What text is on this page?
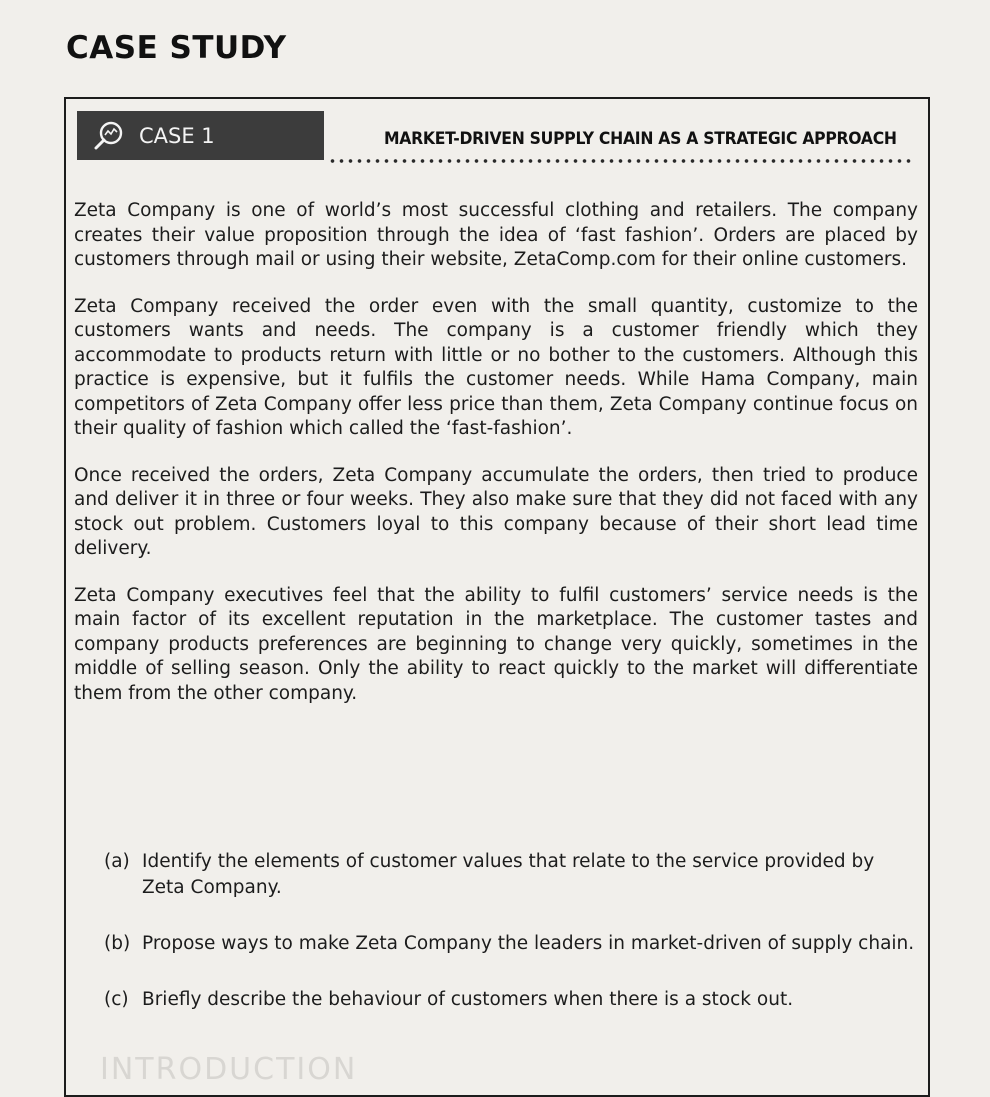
CASE STUDY
CASE 1	MARKET-DRIVEN SUPPLY CHAIN AS A STRATEGIC APPROACH

Zeta Company is one of world’s most successful clothing and retailers. The company creates their value proposition through the idea of ‘fast fashion’. Orders are placed by customers through mail or using their website, ZetaComp.com for their online customers.

Zeta Company received the order even with the small quantity, customize to the customers wants and needs. The company is a customer friendly which they accommodate to products return with little or no bother to the customers. Although this practice is expensive, but it fulfils the customer needs. While Hama Company, main competitors of Zeta Company offer less price than them, Zeta Company continue focus on their quality of fashion which called the ‘fast-fashion’.

Once received the orders, Zeta Company accumulate the orders, then tried to produce and deliver it in three or four weeks. They also make sure that they did not faced with any stock out problem. Customers loyal to this company because of their short lead time delivery.

Zeta Company executives feel that the ability to fulfil customers’ service needs is the main factor of its excellent reputation in the marketplace. The customer tastes and company products preferences are beginning to change very quickly, sometimes in the middle of selling season. Only the ability to react quickly to the market will differentiate them from the other company.

(a) Identify the elements of customer values that relate to the service provided by Zeta Company.
(b) Propose ways to make Zeta Company the leaders in market-driven of supply chain.
(c) Briefly describe the behaviour of customers when there is a stock out.
INTRODUCTION
